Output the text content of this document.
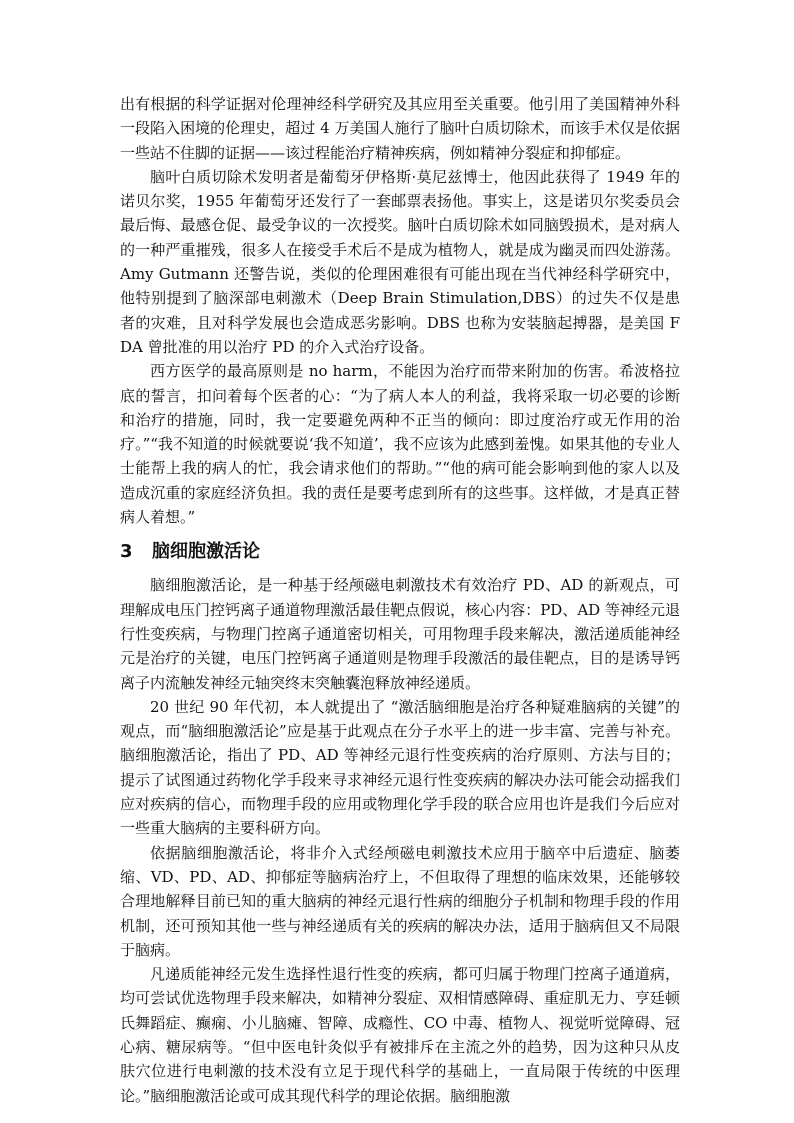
出有根据的科学证据对伦理神经科学研究及其应用至关重要。他引用了美国精神外科一段陷入困境的伦理史，超过 4 万美国人施行了脑叶白质切除术，而该手术仅是依据一些站不住脚的证据——该过程能治疗精神疾病，例如精神分裂症和抑郁症。

脑叶白质切除术发明者是葡萄牙伊格斯·莫尼兹博士，他因此获得了 1949 年的诺贝尔奖，1955 年葡萄牙还发行了一套邮票表扬他。事实上，这是诺贝尔奖委员会最后悔、最感仓促、最受争议的一次授奖。脑叶白质切除术如同脑毁损术，是对病人的一种严重摧残，很多人在接受手术后不是成为植物人，就是成为幽灵而四处游荡。Amy Gutmann 还警告说，类似的伦理困难很有可能出现在当代神经科学研究中，他特别提到了脑深部电刺激术（Deep Brain Stimulation,DBS）的过失不仅是患者的灾难，且对科学发展也会造成恶劣影响。DBS 也称为安装脑起搏器，是美国 FDA 曾批准的用以治疗 PD 的介入式治疗设备。

西方医学的最高原则是 no harm，不能因为治疗而带来附加的伤害。希波格拉底的誓言，扣问着每个医者的心：“为了病人本人的利益，我将采取一切必要的诊断和治疗的措施，同时，我一定要避免两种不正当的倾向：即过度治疗或无作用的治疗。”“我不知道的时候就要说‘我不知道’，我不应该为此感到羞愧。如果其他的专业人士能帮上我的病人的忙，我会请求他们的帮助。”“他的病可能会影响到他的家人以及造成沉重的家庭经济负担。我的责任是要考虑到所有的这些事。这样做，才是真正替病人着想。”

3	脑细胞激活论

脑细胞激活论，是一种基于经颅磁电刺激技术有效治疗 PD、AD 的新观点，可理解成电压门控钙离子通道物理激活最佳靶点假说，核心内容：PD、AD 等神经元退行性变疾病，与物理门控离子通道密切相关，可用物理手段来解决，激活递质能神经元是治疗的关键，电压门控钙离子通道则是物理手段激活的最佳靶点，目的是诱导钙离子内流触发神经元轴突终末突触囊泡释放神经递质。

20 世纪 90 年代初，本人就提出了 “激活脑细胞是治疗各种疑难脑病的关键”的观点，而“脑细胞激活论”应是基于此观点在分子水平上的进一步丰富、完善与补充。脑细胞激活论，指出了 PD、AD 等神经元退行性变疾病的治疗原则、方法与目的；提示了试图通过药物化学手段来寻求神经元退行性变疾病的解决办法可能会动摇我们应对疾病的信心，而物理手段的应用或物理化学手段的联合应用也许是我们今后应对一些重大脑病的主要科研方向。

依据脑细胞激活论，将非介入式经颅磁电刺激技术应用于脑卒中后遗症、脑萎缩、VD、PD、AD、抑郁症等脑病治疗上，不但取得了理想的临床效果，还能够较合理地解释目前已知的重大脑病的神经元退行性病的细胞分子机制和物理手段的作用机制，还可预知其他一些与神经递质有关的疾病的解决办法，适用于脑病但又不局限于脑病。

凡递质能神经元发生选择性退行性变的疾病，都可归属于物理门控离子通道病，均可尝试优选物理手段来解决，如精神分裂症、双相情感障碍、重症肌无力、亨廷顿氏舞蹈症、癫痫、小儿脑瘫、智障、成瘾性、CO 中毒、植物人、视觉听觉障碍、冠心病、糖尿病等。“但中医电针灸似乎有被排斥在主流之外的趋势，因为这种只从皮肤穴位进行电刺激的技术没有立足于现代科学的基础上，一直局限于传统的中医理论。”脑细胞激活论或可成其现代科学的理论依据。脑细胞激
